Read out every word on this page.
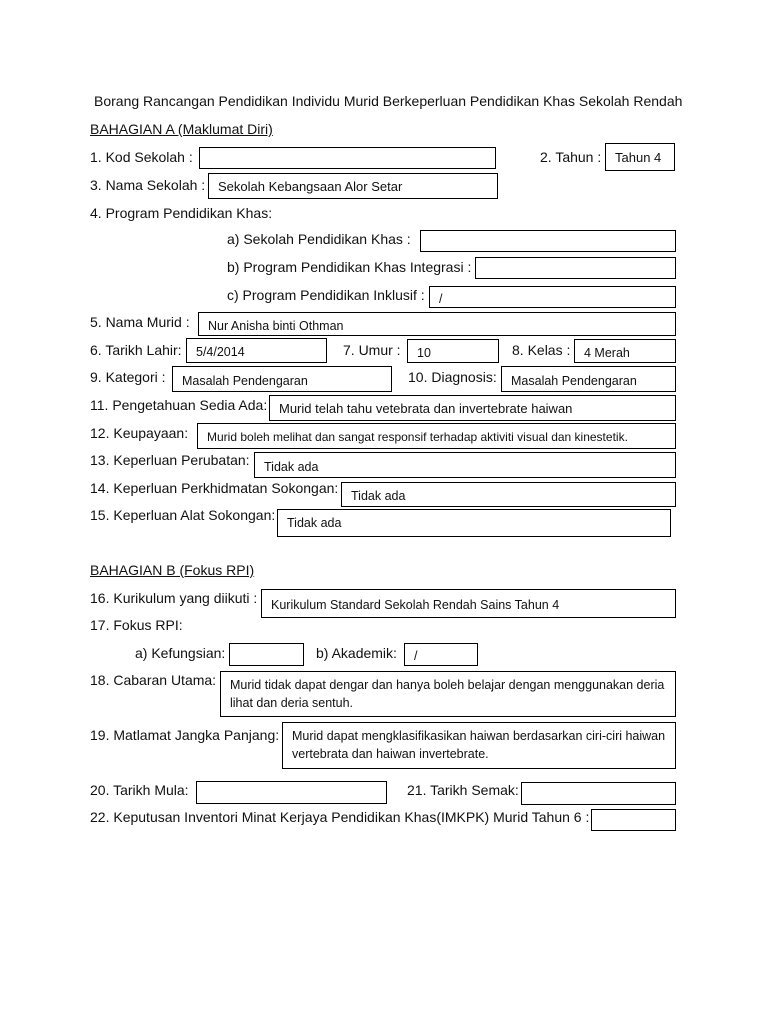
Borang Rancangan Pendidikan Individu Murid Berkeperluan Pendidikan Khas Sekolah Rendah
BAHAGIAN A (Maklumat Diri)
1. Kod Sekolah :	2. Tahun :	Tahun 4
3. Nama Sekolah : Sekolah Kebangsaan Alor Setar
4. Program Pendidikan Khas:
a) Sekolah Pendidikan Khas :
b) Program Pendidikan Khas Integrasi :
c) Program Pendidikan Inklusif :	/
5. Nama Murid :	Nur Anisha binti Othman
6. Tarikh Lahir:	5/4/2014	7. Umur :	10	8. Kelas :	4 Merah
9. Kategori :	Masalah Pendengaran	10. Diagnosis:	Masalah Pendengaran
11. Pengetahuan Sedia Ada: Murid telah tahu vetebrata dan invertebrate haiwan
12. Keupayaan:	Murid boleh melihat dan sangat responsif terhadap aktiviti visual dan kinestetik.
13. Keperluan Perubatan:	Tidak ada
14. Keperluan Perkhidmatan Sokongan:	Tidak ada
15. Keperluan Alat Sokongan: Tidak ada
BAHAGIAN B (Fokus RPI)
16. Kurikulum yang diikuti :	Kurikulum Standard Sekolah Rendah Sains Tahun 4
17. Fokus RPI:
a) Kefungsian:	b) Akademik:	/
18. Cabaran Utama:	Murid tidak dapat dengar dan hanya boleh belajar dengan menggunakan deria lihat dan deria sentuh.
19. Matlamat Jangka Panjang:	Murid dapat mengklasifikasikan haiwan berdasarkan ciri-ciri haiwan vertebrata dan haiwan invertebrate.
20. Tarikh Mula:	21. Tarikh Semak:
22. Keputusan Inventori Minat Kerjaya Pendidikan Khas(IMKPK) Murid Tahun 6 :
